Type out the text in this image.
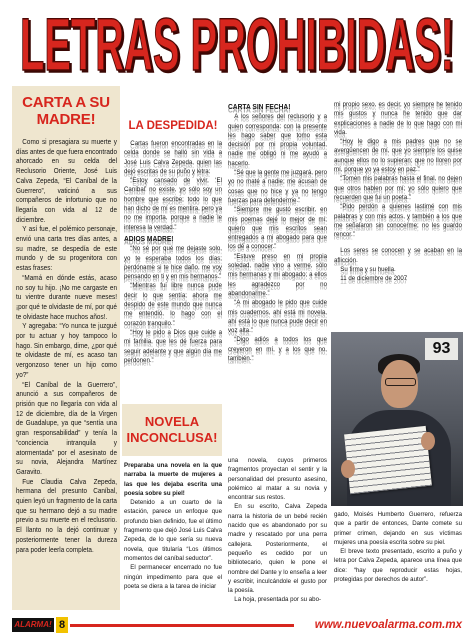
LETRAS PROHIBIDAS!
CARTA A SU MADRE!

Como si presagiara su muerte y días antes de que fuera encontrado ahorcado en su celda del Reclusorio Oriente, José Luis Calva Zepeda, “El Caníbal de la Guerrero”, vaticinó a sus compañeros de infortunio que no llegaría con vida al 12 de diciembre.

Y así fue, el polémico personaje, envió una carta tres días antes, a su madre, se despedía de este mundo y de su progenitora con estas frases:

“Mamá en dónde estás, acaso no soy tu hijo. ¡No me cargaste en tu vientre durante nueve meses! ¡por qué te olvidaste de mí, por qué te olvidaste hace muchos años!.

Y agregaba: “Yo nunca te juzgué por tu actuar y hoy tampoco lo hago. Sin embargo, dime, ¿por qué te olvidaste de mí, es acaso tan vergonzoso tener un hijo como yo?”

“El Caníbal de la Guerrero”, anunció a sus compañeros de prisión que no llegaría con vida al 12 de diciembre, día de la Virgen de Guadalupe, ya que “sentía una gran responsabilidad” y tenía la “conciencia intranquila y atormentada” por el asesinato de su novia, Alejandra Martínez Garavito.

Fue Claudia Calva Zepeda, hermana del presunto Caníbal, quien leyó un fragmento de la carta que su hermano dejó a su madre previo a su muerte en el reclusorio. El llanto no la dejó continuar y posteriormente tener la dureza para poder leerla completa.

LA DESPEDIDA!

Cartas fueron encontradas en la celda donde se halló sin vida a José Luis Calva Zepeda, quien las dejó escritas de su puño y letra:

“Estoy cansado de vivir, ‘El Caníbal’ no existe, yo sólo soy un hombre que escribe; todo lo que han dicho de mí es mentira, pero ya no me importa, porque a nadie le interesa la verdad.”

ADIOS MADRE!

“No sé por qué me dejaste solo, yo te esperaba todos los días; perdóname si te hice daño, me voy pensando en ti y en mis hermanos.”

“Mientras fui libre nunca pude decir lo que sentía; ahora me despido de este mundo que nunca me entendió, lo hago con el corazón tranquilo.”

“Hoy le pido a Dios que cuide a mi familia, que les dé fuerza para seguir adelante y que algún día me perdonen.”

CARTA SIN FECHA!

A los señores del reclusorio y a quien corresponda: con la presente les hago saber que tomo esta decisión por mi propia voluntad, nadie me obligó ni me ayudó a hacerlo.

“Sé que la gente me juzgará, pero yo no maté a nadie; me acusan de cosas que no hice y ya no tengo fuerzas para defenderme.”

“Siempre me gustó escribir, en mis poemas dejé lo mejor de mí; quiero que mis escritos sean entregados a mi abogado para que los dé a conocer.”

“Estuve preso en mi propia soledad, nadie vino a verme, sólo mis hermanas y mi abogado; a ellos les agradezco por no abandonarme.”

“A mi abogado le pido que cuide mis cuadernos, ahí está mi novela, ahí está lo que nunca pude decir en voz alta.”

“Digo adiós a todos los que creyeron en mí, y a los que no, también.”

mi propio sexo, es decir, yo siempre he tenido mis gustos y nunca he tenido que dar explicaciones a nadie de lo que hago con mi vida.

“Hoy le digo a mis padres que no se avergüencen de mí, que yo siempre los quise aunque ellos no lo supieran; que no lloren por mí, porque yo ya estoy en paz.”

“Tomen mis palabras hasta el final, no dejen que otros hablen por mí; yo sólo quiero que recuerden que fui un poeta.”

“Pido perdón a quienes lastimé con mis palabras y con mis actos, y también a los que me señalaron sin conocerme; no les guardo rencor.”

Los seres se conocen y se acaban en la aflicción.

Su firma y su huella.

11 de diciembre de 2007

93
NOVELA INCONCLUSA!

Preparaba una novela en la que narraba la muerte de mujeres a las que les dejaba escrita una poesía sobre su piel!

Detenido a un cuarto de la estación, parece un enfoque que profundo bien definido, fue el último fragmento que dejó José Luis Calva Zepeda, de lo que sería su nueva novela, que titularía “Los últimos momentos del caníbal seductor”.

El permanecer encerrado no fue ningún impedimento para que el poeta se diera a la tarea de iniciar

una novela, cuyos primeros fragmentos proyectan el sentir y la personalidad del presunto asesino, polémico al matar a su novia y encontrar sus restos.

En su escrito, Calva Zepeda narra la historia de un bebé recién nacido que es abandonado por su madre y rescatado por una perra callejera. Posteriormente, el pequeño es cedido por un bibliotecario, quien le pone el nombre del Dante y lo enseña a leer y escribir, inculcándole el gusto por la poesía.

La hoja, presentada por su abo-

gado, Moisés Humberto Guerrero, refuerza que a partir de entonces, Dante comete su primer crimen, dejando en sus víctimas mujeres una poesía escrita sobre su piel.

El breve texto presentado, escrito a puño y letra por Calva Zepeda, aparece una línea que dice: “hay que reproducir estas hojas, protegidas por derechos de autor”.

ALARMA! 8	www.nuevoalarma.com.mx
